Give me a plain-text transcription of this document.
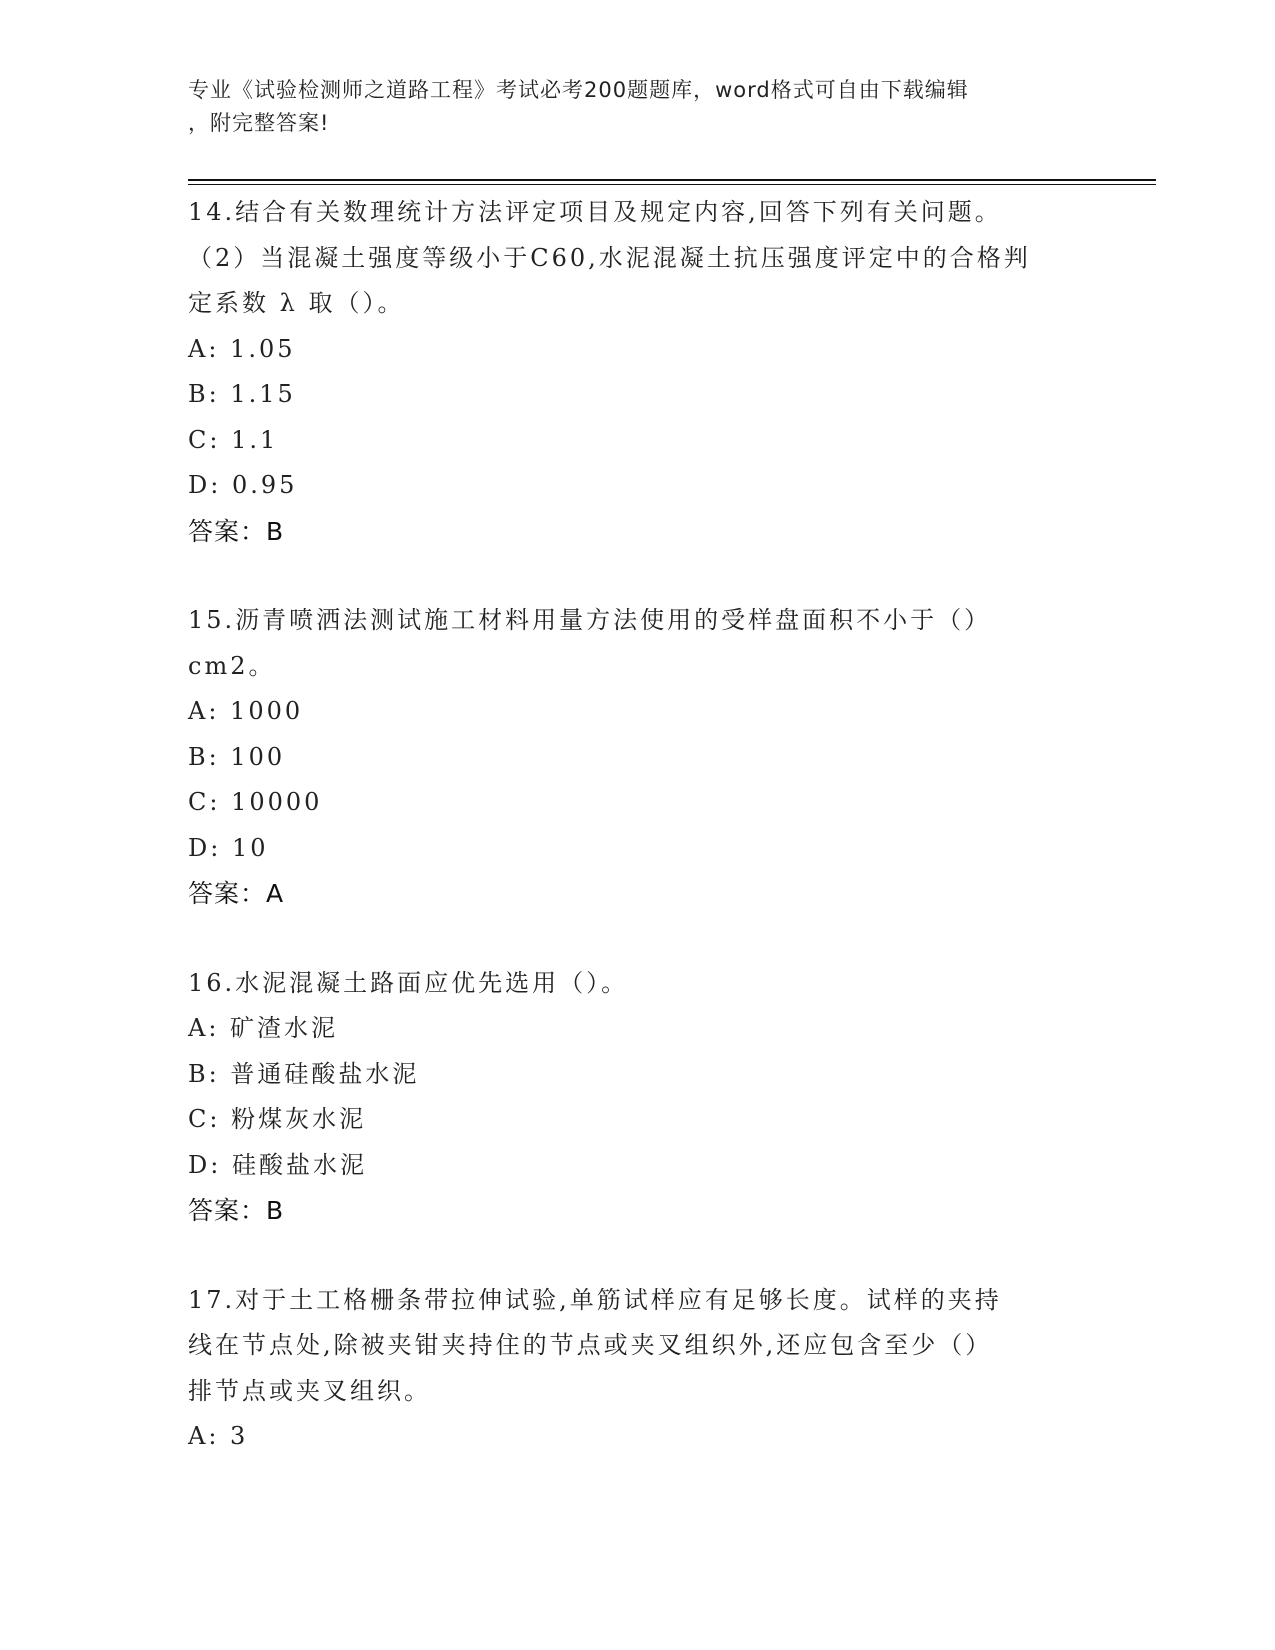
专业《试验检测师之道路工程》考试必考200题题库，word格式可自由下载编辑
，附完整答案!
14.结合有关数理统计方法评定项目及规定内容,回答下列有关问题。
（2）当混凝土强度等级小于C60,水泥混凝土抗压强度评定中的合格判
定系数 λ 取（）。
A: 1.05
B: 1.15
C: 1.1
D: 0.95
答案：B
15.沥青喷洒法测试施工材料用量方法使用的受样盘面积不小于（）
cm2。
A: 1000
B: 100
C: 10000
D: 10
答案：A
16.水泥混凝土路面应优先选用（）。
A: 矿渣水泥
B: 普通硅酸盐水泥
C: 粉煤灰水泥
D: 硅酸盐水泥
答案：B
17.对于土工格栅条带拉伸试验,单筋试样应有足够长度。试样的夹持
线在节点处,除被夹钳夹持住的节点或夹叉组织外,还应包含至少（）
排节点或夹叉组织。
A: 3
